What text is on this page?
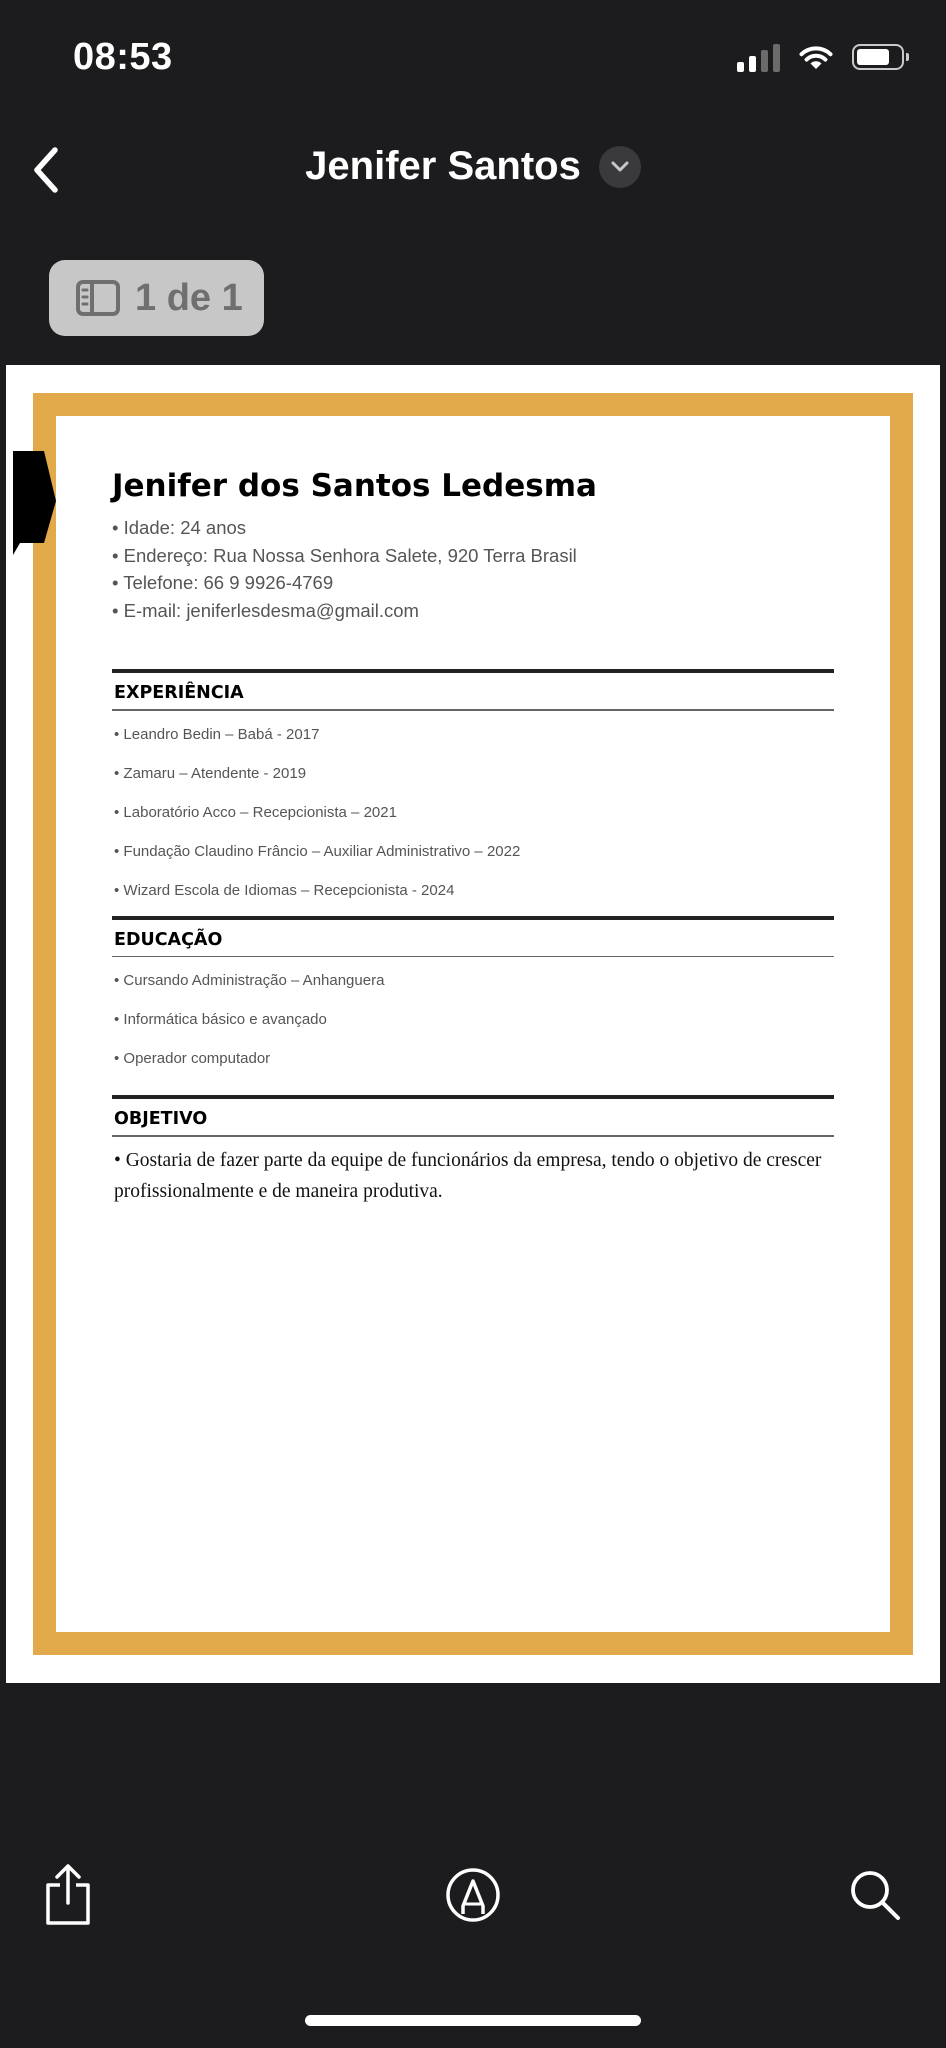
08:53
Jenifer Santos
1 de 1
Jenifer dos Santos Ledesma
• Idade: 24 anos
• Endereço: Rua Nossa Senhora Salete, 920 Terra Brasil
• Telefone: 66 9 9926-4769
• E-mail: jeniferlesdesma@gmail.com
EXPERIÊNCIA
• Leandro Bedin – Babá - 2017
• Zamaru – Atendente - 2019
• Laboratório Acco – Recepcionista – 2021
• Fundação Claudino Frâncio – Auxiliar Administrativo – 2022
• Wizard Escola de Idiomas – Recepcionista - 2024
EDUCAÇÃO
• Cursando Administração – Anhanguera
• Informática básico e avançado
• Operador computador
OBJETIVO
• Gostaria de fazer parte da equipe de funcionários da empresa, tendo o objetivo de crescer profissionalmente e de maneira produtiva.
